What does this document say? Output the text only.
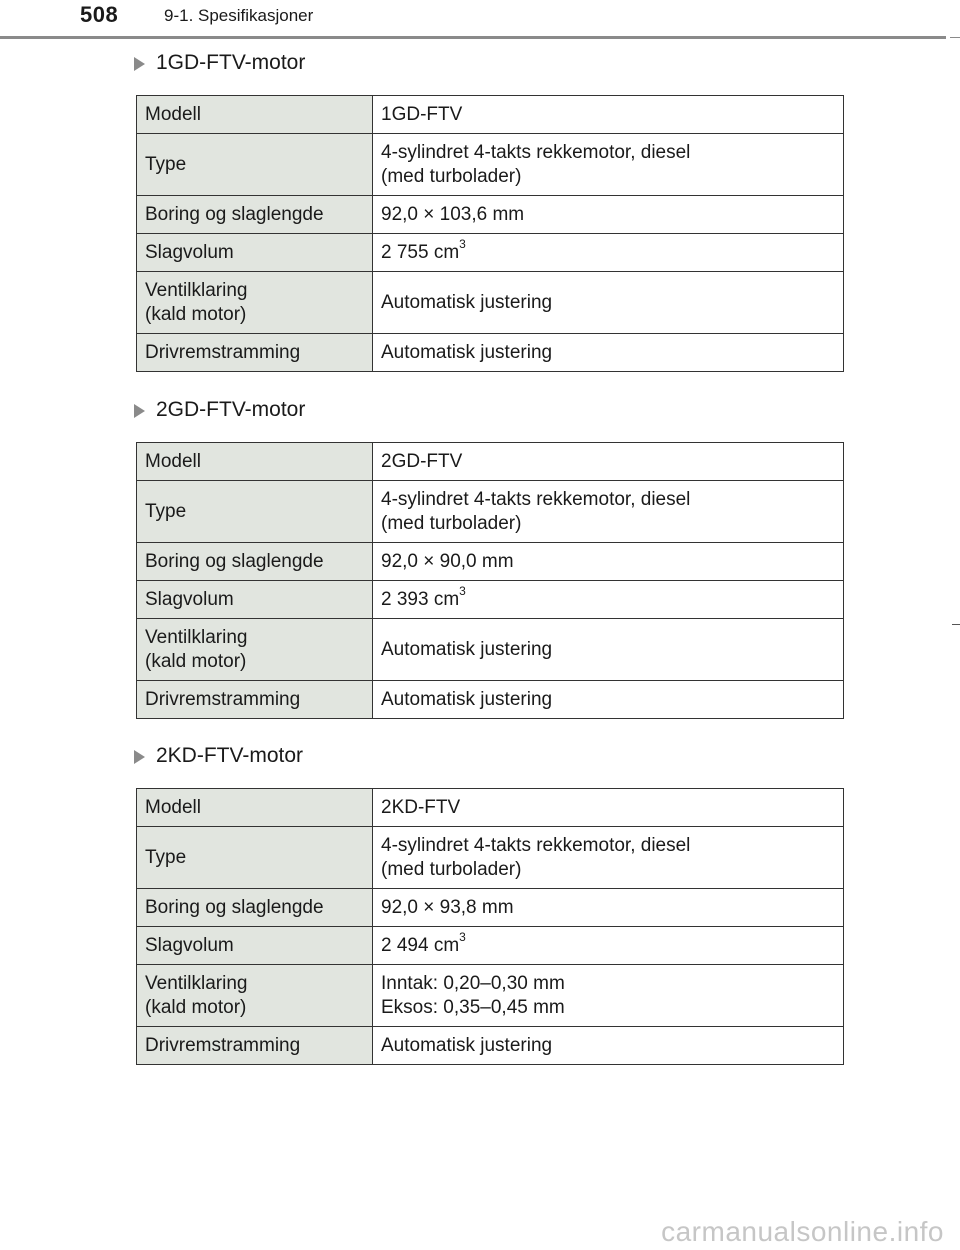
508	9-1. Spesifikasjoner
1GD-FTV-motor
Modell	1GD-FTV
Type	4-sylindret 4-takts rekkemotor, diesel
(med turbolader)
Boring og slaglengde	92,0 × 103,6 mm
Slagvolum	2 755 $cm^3$
Ventilklaring
(kald motor)	Automatisk justering
Drivremstramming	Automatisk justering
2GD-FTV-motor
Modell	2GD-FTV
Type	4-sylindret 4-takts rekkemotor, diesel
(med turbolader)
Boring og slaglengde	92,0 × 90,0 mm
Slagvolum	2 393 $cm^3$
Ventilklaring
(kald motor)	Automatisk justering
Drivremstramming	Automatisk justering
2KD-FTV-motor
Modell	2KD-FTV
Type	4-sylindret 4-takts rekkemotor, diesel
(med turbolader)
Boring og slaglengde	92,0 × 93,8 mm
Slagvolum	2 494 $cm^3$
Ventilklaring
(kald motor)	Inntak: 0,20–0,30 mm
Eksos: 0,35–0,45 mm
Drivremstramming	Automatisk justering
carmanualsonline.info
